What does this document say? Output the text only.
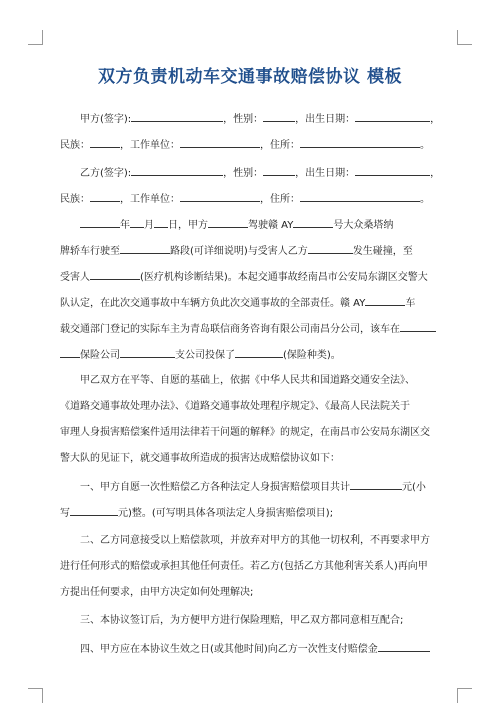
双方负责机动车交通事故赔偿协议 模板
甲方(签字):	，性别：	，出生日期：	，
民族：	，工作单位：	，住所：	。
乙方(签字):	，性别：	，出生日期：	，
民族：	，工作单位：	，住所：	。
年 月 日，甲方	驾驶赣 AY	号大众桑塔纳
牌轿车行驶至	路段(可详细说明)与受害人乙方	发生碰撞，至
受害人	(医疗机构诊断结果)。本起交通事故经南昌市公安局东湖区交警大
队认定，在此次交通事故中车辆方负此次交通事故的全部责任。赣 AY	车
载交通部门登记的实际车主为青岛联信商务咨询有限公司南昌分公司，该车在
保险公司	支公司投保了	(保险种类)。
甲乙双方在平等、自愿的基础上，依据《中华人民共和国道路交通安全法》、
《道路交通事故处理办法》、《道路交通事故处理程序规定》、《最高人民法院关于
审理人身损害赔偿案件适用法律若干问题的解释》的规定，在南昌市公安局东湖区交
警大队的见证下，就交通事故所造成的损害达成赔偿协议如下：
一、甲方自愿一次性赔偿乙方各种法定人身损害赔偿项目共计	元(小
写	元)整。(可写明具体各项法定人身损害赔偿项目);
二、乙方同意接受以上赔偿款项，并放弃对甲方的其他一切权利，不再要求甲方
进行任何形式的赔偿或承担其他任何责任。若乙方(包括乙方其他利害关系人)再向甲
方提出任何要求，由甲方决定如何处理解决;
三、本协议签订后，为方便甲方进行保险理赔，甲乙双方都同意相互配合;
四、甲方应在本协议生效之日(或其他时间)向乙方一次性支付赔偿金
